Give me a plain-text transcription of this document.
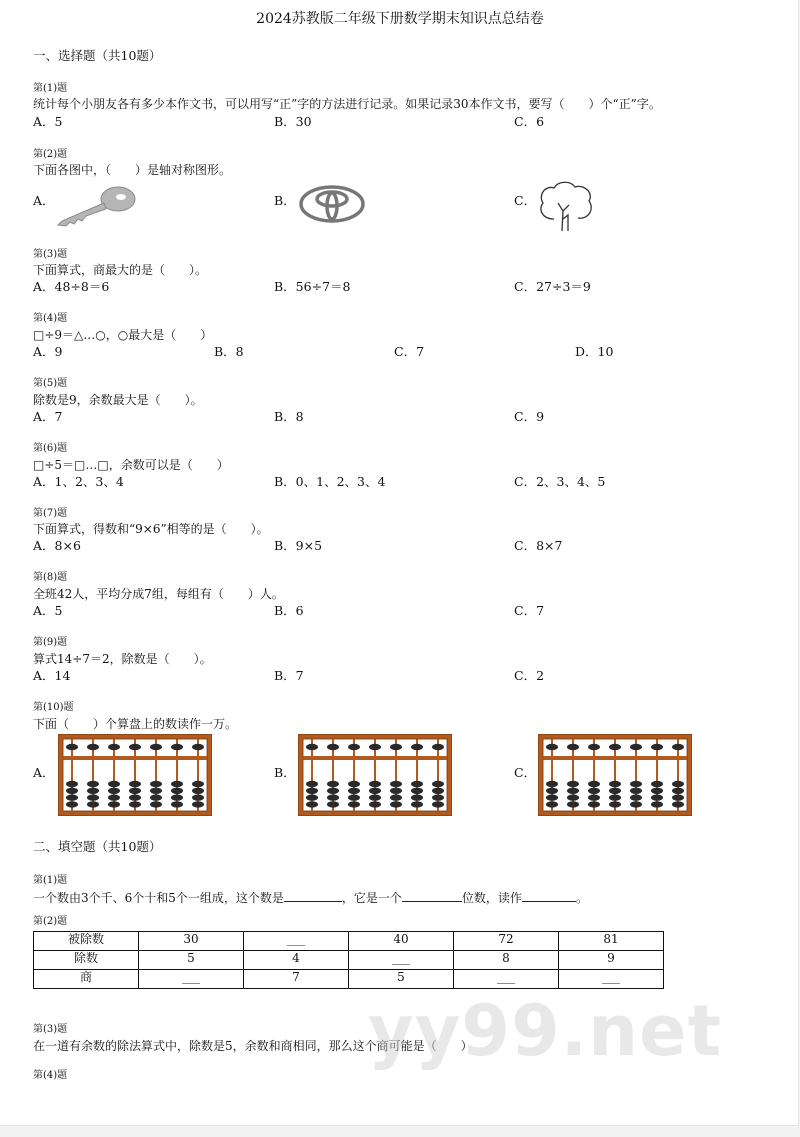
2024苏教版二年级下册数学期末知识点总结卷
一、选择题（共10题）
第(1)题
统计每个小朋友各有多少本作文书，可以用写“正”字的方法进行记录。如果记录30本作文书，要写（　　）个“正”字。
A．5	B．30	C．6
第(2)题
下面各图中，（　　）是轴对称图形。
A．	B．	C．
第(3)题
下面算式，商最大的是（　　）。
A．48÷8＝6	B．56÷7＝8	C．27÷3＝9
第(4)题
□÷9＝△…○，○最大是（　　）
A．9	B．8	C．7	D．10
第(5)题
除数是9，余数最大是（　　）。
A．7	B．8	C．9
第(6)题
□÷5＝□…□，余数可以是（　　）
A．1、2、3、4	B．0、1、2、3、4	C．2、3、4、5
第(7)题
下面算式，得数和“9×6”相等的是（　　）。
A．8×6	B．9×5	C．8×7
第(8)题
全班42人，平均分成7组，每组有（　　）人。
A．5	B．6	C．7
第(9)题
算式14÷7＝2，除数是（　　）。
A．14	B．7	C．2
第(10)题
下面（　　）个算盘上的数读作一万。
A．	B．	C．
二、填空题（共10题）
第(1)题
一个数由3个千、6个十和5个一组成，这个数是	，它是一个	位数，读作	。
第(2)题
被除数	30	___	40	72	81
除数	5	4	___	8	9
商	___	7	5	___	___
第(3)题
在一道有余数的除法算式中，除数是5，余数和商相同，那么这个商可能是（　　）
第(4)题
yy99.net
